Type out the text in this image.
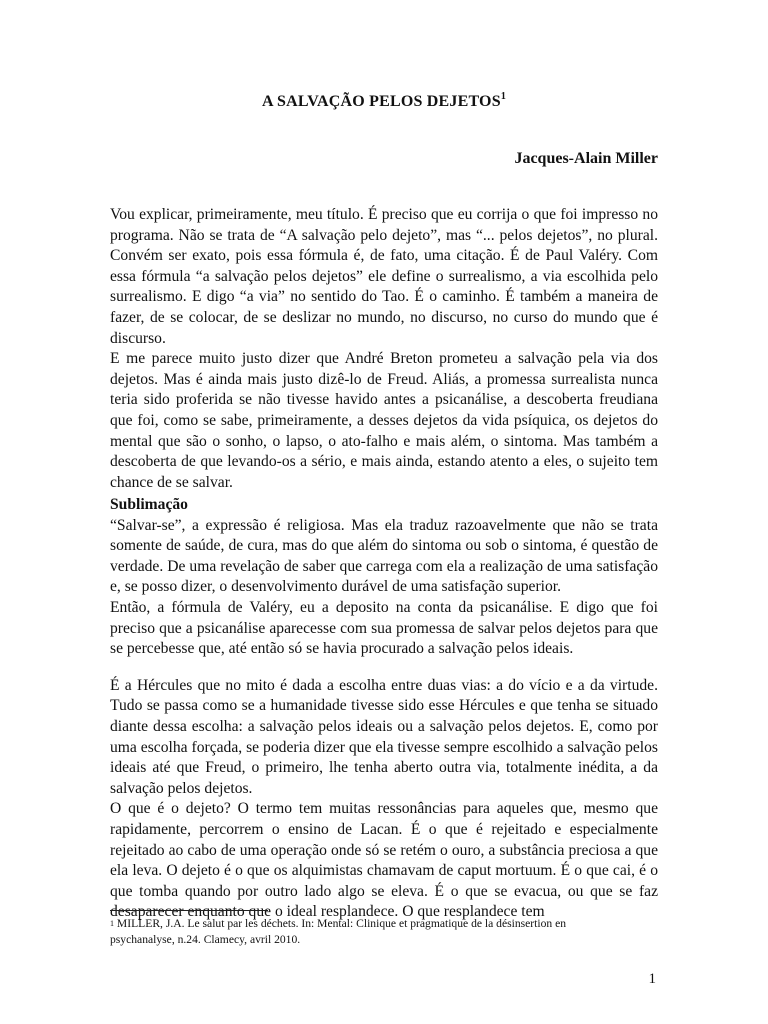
A SALVAÇÃO PELOS DEJETOS$^1$
Jacques-Alain Miller

Vou explicar, primeiramente, meu título. É preciso que eu corrija o que foi impresso no programa. Não se trata de “A salvação pelo dejeto”, mas “... pelos dejetos”, no plural. Convém ser exato, pois essa fórmula é, de fato, uma citação. É de Paul Valéry. Com essa fórmula “a salvação pelos dejetos” ele define o surrealismo, a via escolhida pelo surrealismo. E digo “a via” no sentido do Tao. É o caminho. É também a maneira de fazer, de se colocar, de se deslizar no mundo, no discurso, no curso do mundo que é discurso.

E me parece muito justo dizer que André Breton prometeu a salvação pela via dos dejetos. Mas é ainda mais justo dizê-lo de Freud. Aliás, a promessa surrealista nunca teria sido proferida se não tivesse havido antes a psicanálise, a descoberta freudiana que foi, como se sabe, primeiramente, a desses dejetos da vida psíquica, os dejetos do mental que são o sonho, o lapso, o ato-falho e mais além, o sintoma. Mas também a descoberta de que levando-os a sério, e mais ainda, estando atento a eles, o sujeito tem chance de se salvar.

Sublimação

“Salvar-se”, a expressão é religiosa. Mas ela traduz razoavelmente que não se trata somente de saúde, de cura, mas do que além do sintoma ou sob o sintoma, é questão de verdade. De uma revelação de saber que carrega com ela a realização de uma satisfação e, se posso dizer, o desenvolvimento durável de uma satisfação superior.

Então, a fórmula de Valéry, eu a deposito na conta da psicanálise. E digo que foi preciso que a psicanálise aparecesse com sua promessa de salvar pelos dejetos para que se percebesse que, até então só se havia procurado a salvação pelos ideais.

É a Hércules que no mito é dada a escolha entre duas vias: a do vício e a da virtude. Tudo se passa como se a humanidade tivesse sido esse Hércules e que tenha se situado diante dessa escolha: a salvação pelos ideais ou a salvação pelos dejetos. E, como por uma escolha forçada, se poderia dizer que ela tivesse sempre escolhido a salvação pelos ideais até que Freud, o primeiro, lhe tenha aberto outra via, totalmente inédita, a da salvação pelos dejetos.

O que é o dejeto? O termo tem muitas ressonâncias para aqueles que, mesmo que rapidamente, percorrem o ensino de Lacan. É o que é rejeitado e especialmente rejeitado ao cabo de uma operação onde só se retém o ouro, a substância preciosa a que ela leva. O dejeto é o que os alquimistas chamavam de caput mortuum. É o que cai, é o que tomba quando por outro lado algo se eleva. É o que se evacua, ou que se faz desaparecer enquanto que o ideal resplandece. O que resplandece tem

$^1$ MILLER, J.A. Le salut par les déchets. In: Mental: Clinique et pragmatique de la désinsertion en psychanalyse, n.24. Clamecy, avril 2010.
1
